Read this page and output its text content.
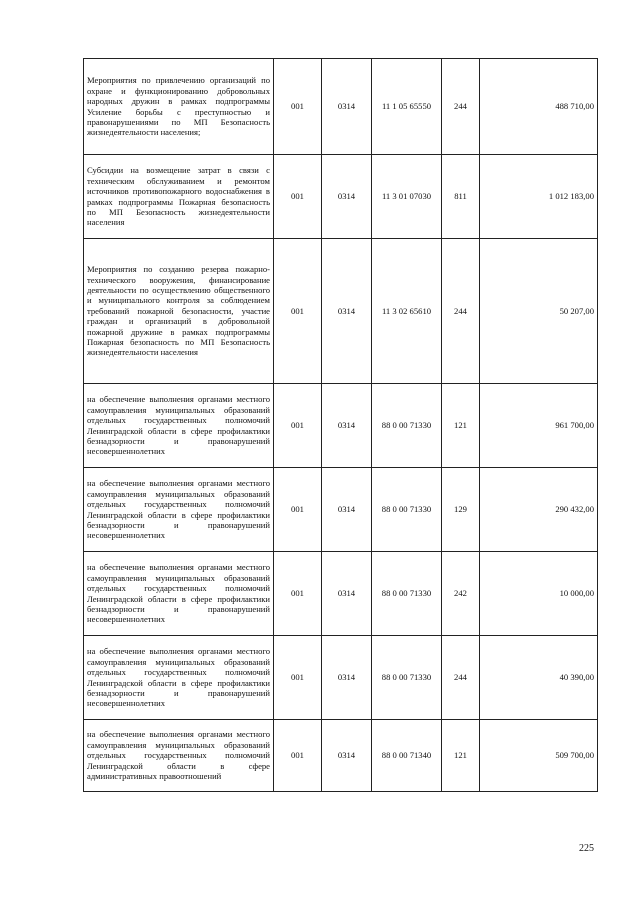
Мероприятия по привлечению организаций по охране и функционированию добровольных народных дружин в рамках подпрограммы Усиление борьбы с преступностью и правонарушениями по МП Безопасность жизнедеятельности населения;	001	0314	11 1 05 65550	244	488 710,00
Субсидии на возмещение затрат в связи с техническим обслуживанием и ремонтом источников противопожарного водоснабжения в рамках подпрограммы Пожарная безопасность по МП Безопасность жизнедеятельности населения	001	0314	11 3 01 07030	811	1 012 183,00
Мероприятия по созданию резерва пожарно-технического вооружения, финансирование деятельности по осуществлению общественного и муниципального контроля за соблюдением требований пожарной безопасности, участие граждан и организаций в добровольной пожарной дружине в рамках подпрограммы Пожарная безопасность по МП Безопасность жизнедеятельности населения	001	0314	11 3 02 65610	244	50 207,00
на обеспечение выполнения органами местного самоуправления муниципальных образований отдельных государственных полномочий Ленинградской области в сфере профилактики безнадзорности и правонарушений несовершеннолетних	001	0314	88 0 00 71330	121	961 700,00
на обеспечение выполнения органами местного самоуправления муниципальных образований отдельных государственных полномочий Ленинградской области в сфере профилактики безнадзорности и правонарушений несовершеннолетних	001	0314	88 0 00 71330	129	290 432,00
на обеспечение выполнения органами местного самоуправления муниципальных образований отдельных государственных полномочий Ленинградской области в сфере профилактики безнадзорности и правонарушений несовершеннолетних	001	0314	88 0 00 71330	242	10 000,00
на обеспечение выполнения органами местного самоуправления муниципальных образований отдельных государственных полномочий Ленинградской области в сфере профилактики безнадзорности и правонарушений несовершеннолетних	001	0314	88 0 00 71330	244	40 390,00
на обеспечение выполнения органами местного самоуправления муниципальных образований отдельных государственных полномочий Ленинградской области в сфере административных правоотношений	001	0314	88 0 00 71340	121	509 700,00
225
